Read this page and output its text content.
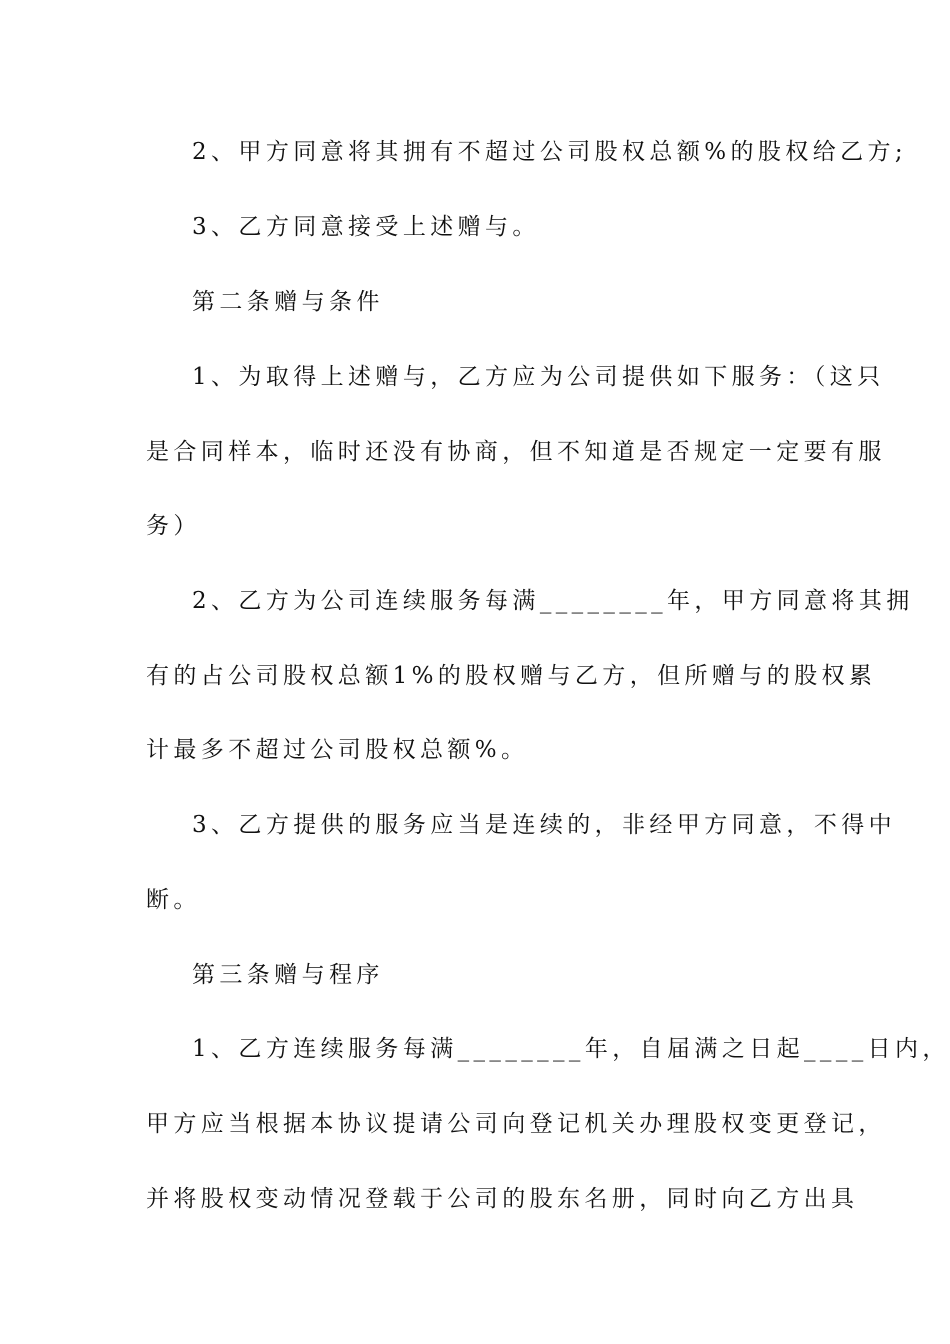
2、甲方同意将其拥有不超过公司股权总额%的股权给乙方;
3、乙方同意接受上述赠与。
第二条赠与条件
1、为取得上述赠与，乙方应为公司提供如下服务：（这只
是合同样本，临时还没有协商，但不知道是否规定一定要有服
务）
2、乙方为公司连续服务每满________年，甲方同意将其拥
有的占公司股权总额1%的股权赠与乙方，但所赠与的股权累
计最多不超过公司股权总额%。
3、乙方提供的服务应当是连续的，非经甲方同意，不得中
断。
第三条赠与程序
1、乙方连续服务每满________年，自届满之日起____日内，
甲方应当根据本协议提请公司向登记机关办理股权变更登记，
并将股权变动情况登载于公司的股东名册，同时向乙方出具
